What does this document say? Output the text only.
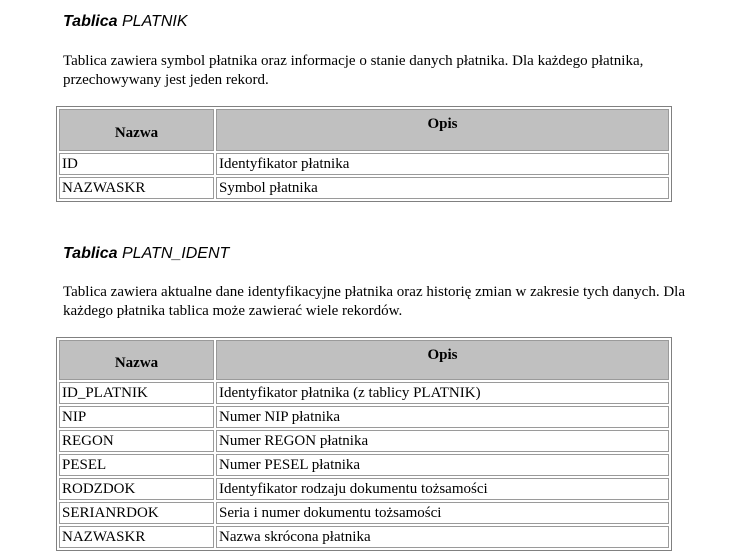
Tablica PLATNIK
Tablica zawiera symbol płatnika oraz informacje o stanie danych płatnika. Dla każdego płatnika, przechowywany jest jeden rekord.
Nazwa	Opis
ID	Identyfikator płatnika
NAZWASKR	Symbol płatnika
Tablica PLATN_IDENT
Tablica zawiera aktualne dane identyfikacyjne płatnika oraz historię zmian w zakresie tych danych. Dla każdego płatnika tablica może zawierać wiele rekordów.
Nazwa	Opis
ID_PLATNIK	Identyfikator płatnika (z tablicy PLATNIK)
NIP	Numer NIP płatnika
REGON	Numer REGON płatnika
PESEL	Numer PESEL płatnika
RODZDOK	Identyfikator rodzaju dokumentu tożsamości
SERIANRDOK	Seria i numer dokumentu tożsamości
NAZWASKR	Nazwa skrócona płatnika
